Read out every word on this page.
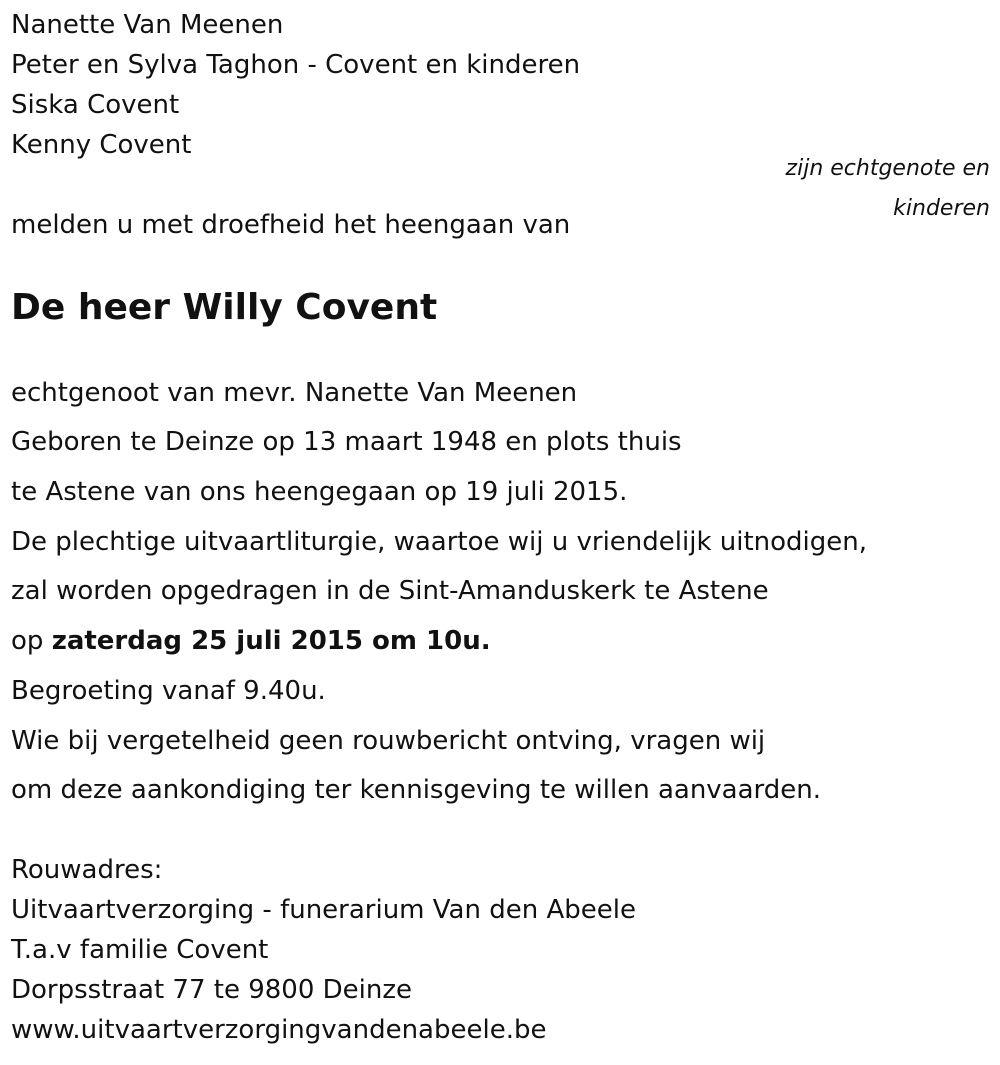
Nanette Van Meenen
Peter en Sylva Taghon - Covent en kinderen
Siska Covent
Kenny Covent
zijn echtgenote en
kinderen
melden u met droefheid het heengaan van
De heer Willy Covent
echtgenoot van mevr. Nanette Van Meenen
Geboren te Deinze op 13 maart 1948 en plots thuis
te Astene van ons heengegaan op 19 juli 2015.
De plechtige uitvaartliturgie, waartoe wij u vriendelijk uitnodigen,
zal worden opgedragen in de Sint-Amanduskerk te Astene
op zaterdag 25 juli 2015 om 10u.
Begroeting vanaf 9.40u.
Wie bij vergetelheid geen rouwbericht ontving, vragen wij
om deze aankondiging ter kennisgeving te willen aanvaarden.
Rouwadres:
Uitvaartverzorging - funerarium Van den Abeele
T.a.v familie Covent
Dorpsstraat 77 te 9800 Deinze
www.uitvaartverzorgingvandenabeele.be
